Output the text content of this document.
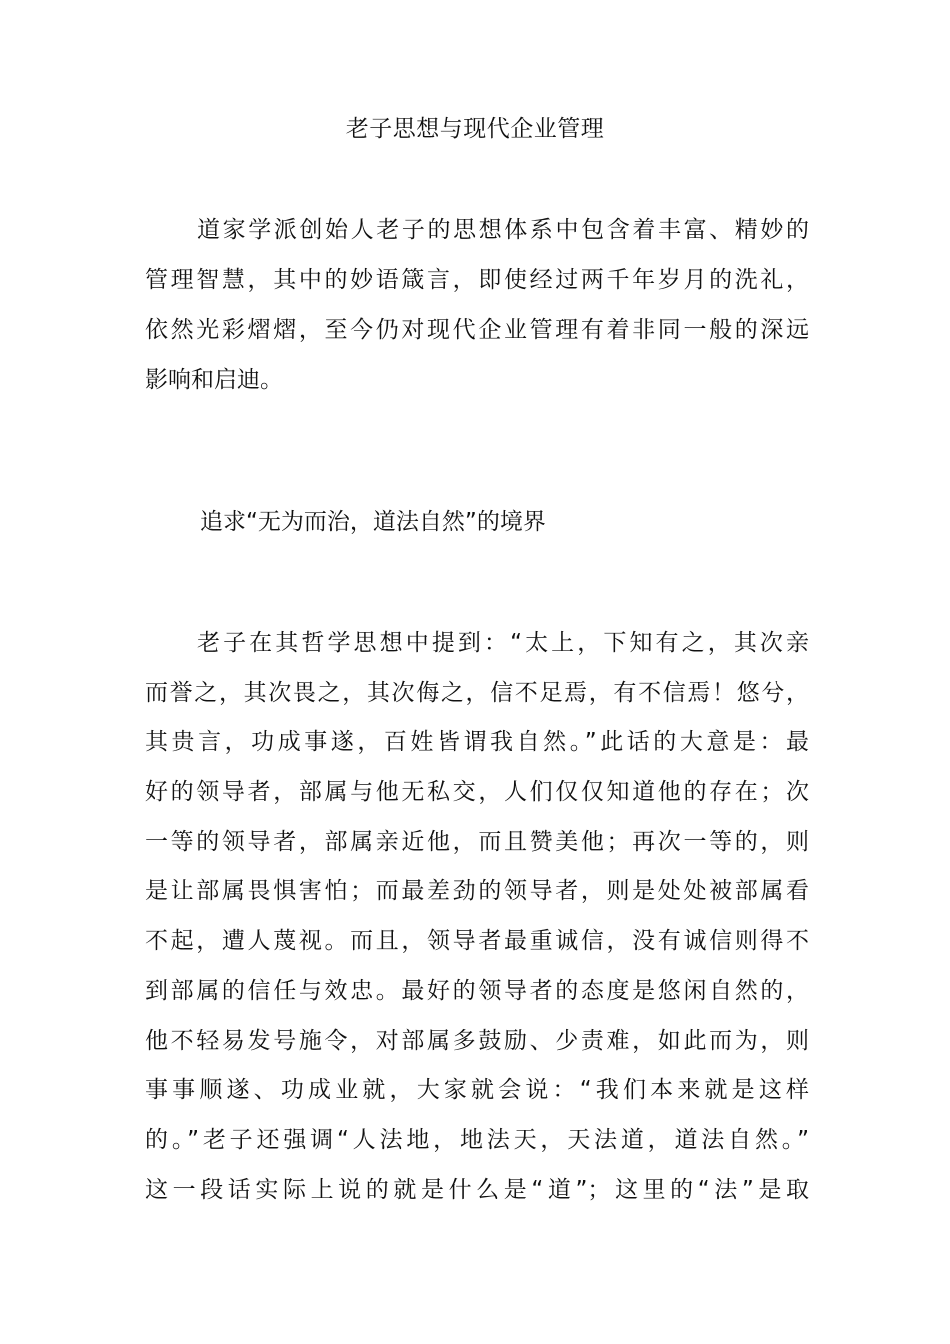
老子思想与现代企业管理
道家学派创始人老子的思想体系中包含着丰富、精妙的
管理智慧，其中的妙语箴言，即使经过两千年岁月的洗礼，
依然光彩熠熠，至今仍对现代企业管理有着非同一般的深远
影响和启迪。
追求“无为而治，道法自然”的境界
老子在其哲学思想中提到：“太上，下知有之，其次亲
而誉之，其次畏之，其次侮之，信不足焉，有不信焉！悠兮，
其贵言，功成事遂，百姓皆谓我自然。”此话的大意是：最
好的领导者，部属与他无私交，人们仅仅知道他的存在；次
一等的领导者，部属亲近他，而且赞美他；再次一等的，则
是让部属畏惧害怕；而最差劲的领导者，则是处处被部属看
不起，遭人蔑视。而且，领导者最重诚信，没有诚信则得不
到部属的信任与效忠。最好的领导者的态度是悠闲自然的，
他不轻易发号施令，对部属多鼓励、少责难，如此而为，则
事事顺遂、功成业就，大家就会说：“我们本来就是这样
的。”老子还强调“人法地，地法天，天法道，道法自然。”
这一段话实际上说的就是什么是“道”；这里的“法”是取
